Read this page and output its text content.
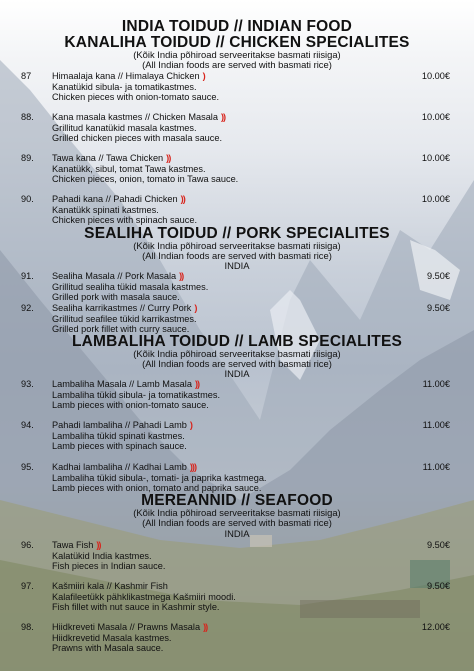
INDIA TOIDUD // INDIAN FOOD
KANALIHA TOIDUD // CHICKEN SPECIALITES
(Kõik India põhiroad serveeritakse basmati riisiga)
(All Indian foods are served with basmati rice)
87 Himaalaja kana // Himalaya Chicken )
Kanatükid sibula- ja tomatikastmes.
Chicken pieces with onion-tomato sauce.
10.00€
88. Kana masala kastmes // Chicken Masala ))
Grillitud kanatükid masala kastmes.
Grilled chicken pieces with masala sauce.
10.00€
89. Tawa kana // Tawa Chicken ))
Kanatükk, sibul, tomat Tawa kastmes.
Chicken pieces, onion, tomato in Tawa sauce.
10.00€
90. Pahadi kana // Pahadi Chicken ))
Kanatükk spinati kastmes.
Chicken pieces with spinach sauce.
10.00€
SEALIHA TOIDUD // PORK SPECIALITES
(Kõik India põhiroad serveeritakse basmati riisiga)
(All Indian foods are served with basmati rice)
INDIA
91. Sealiha Masala // Pork Masala ))
Grillitud sealiha tükid masala kastmes.
Grilled pork with masala sauce.
9.50€
92. Sealiha karrikastmes // Curry Pork )
Grillitud seafilee tükid karrikastmes.
Grilled pork fillet with curry sauce.
9.50€
LAMBALIHA TOIDUD // LAMB SPECIALITES
(Kõik India põhiroad serveeritakse basmati riisiga)
(All Indian foods are served with basmati rice)
INDIA
93. Lambaliha Masala // Lamb Masala ))
Lambaliha tükid sibula- ja tomatikastmes.
Lamb pieces with onion-tomato sauce.
11.00€
94. Pahadi lambaliha // Pahadi Lamb )
Lambaliha tükid spinati kastmes.
Lamb pieces with spinach sauce.
11.00€
95. Kadhai lambaliha // Kadhai Lamb )))
Lambaliha tükid sibula-, tomati- ja paprika kastmega.
Lamb pieces with onion, tomato and paprika sauce.
11.00€
MEREANNID // SEAFOOD
(Kõik India põhiroad serveeritakse basmati riisiga)
(All Indian foods are served with basmati rice)
INDIA
96. Tawa Fish ))
Kalatükid India kastmes.
Fish pieces in Indian sauce.
9.50€
97. Kašmiiri kala // Kashmir Fish
Kalafileetükk pähklikastmega Kašmiiri moodi.
Fish fillet with nut sauce in Kashmir style.
9.50€
98. Hiidkreveti Masala // Prawns Masala ))
Hiidkrevetid Masala kastmes.
Prawns with Masala sauce.
12.00€
